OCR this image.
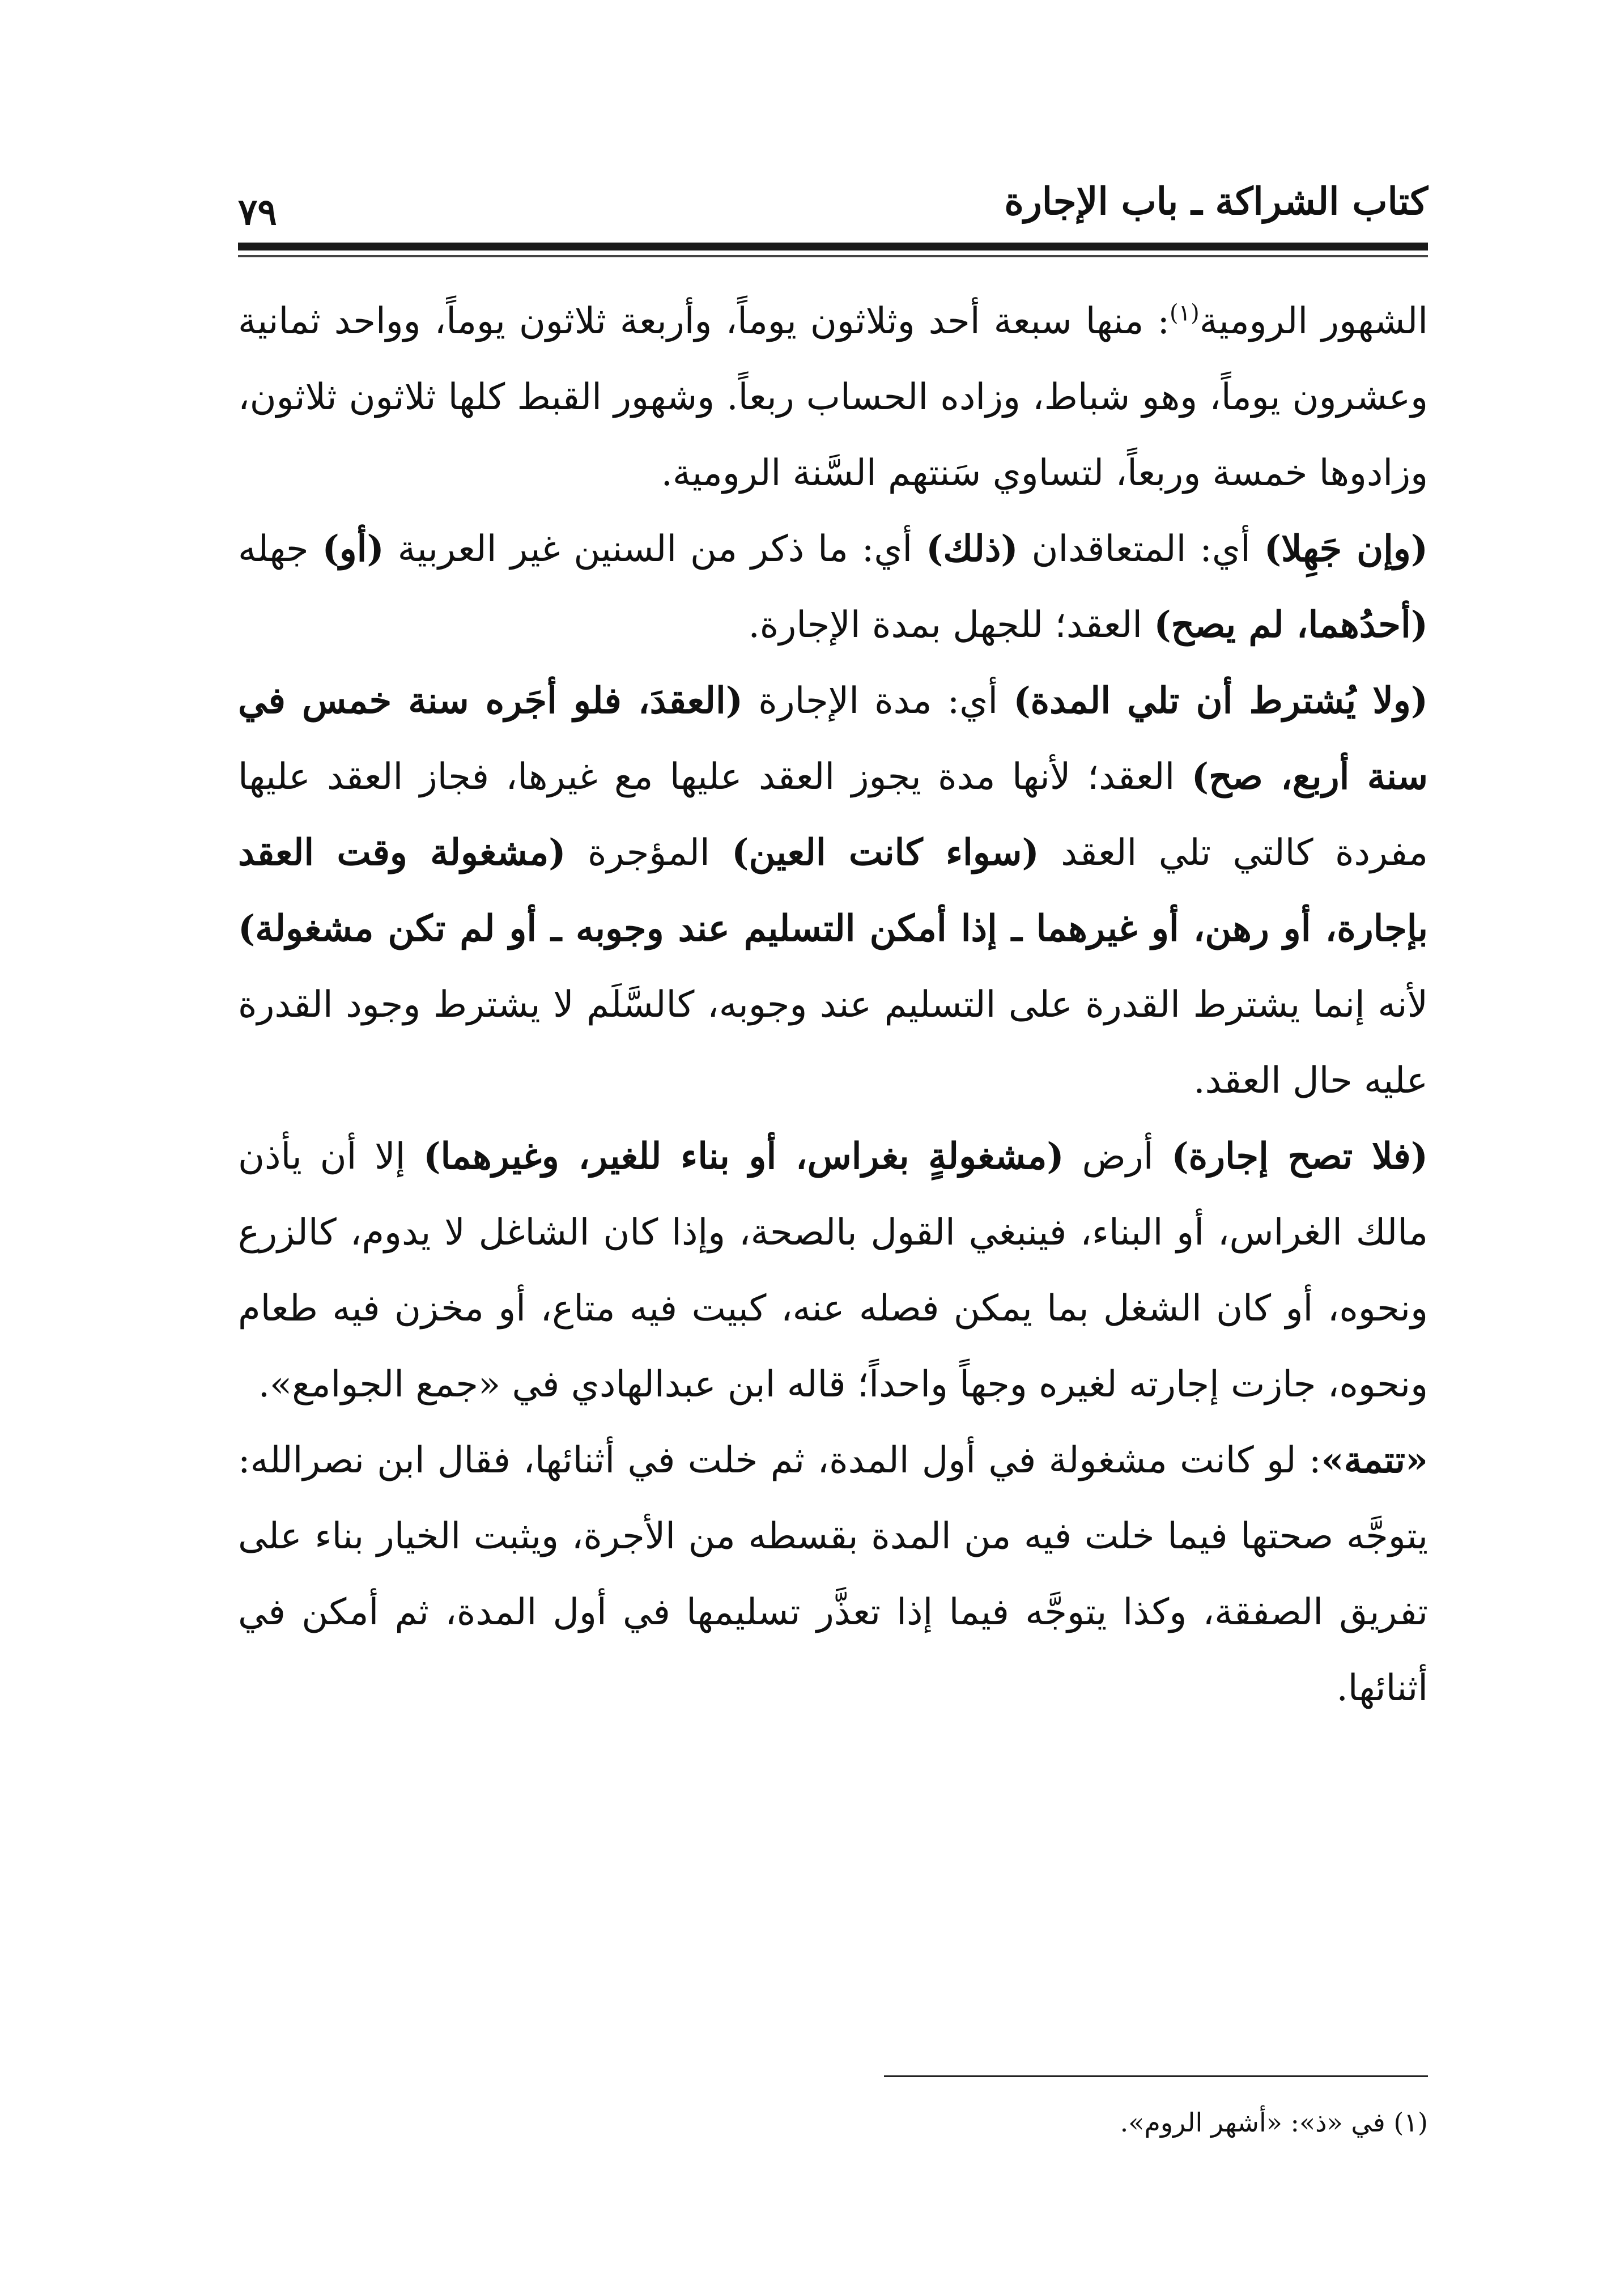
كتاب الشراكة ـ باب الإجارة
٧٩

الشهور الرومية$^{(١)}$: منها سبعة أحد وثلاثون يوماً، وأربعة ثلاثون يوماً، وواحد ثمانية وعشرون يوماً، وهو شباط، وزاده الحساب ربعاً. وشهور القبط كلها ثلاثون ثلاثون، وزادوها خمسة وربعاً، لتساوي سَنتهم السَّنة الرومية.

(وإن جَهِلا) أي: المتعاقدان (ذلك) أي: ما ذكر من السنين غير العربية (أو) جهله (أحدُهما، لم يصح) العقد؛ للجهل بمدة الإجارة.

(ولا يُشترط أن تلي المدة) أي: مدة الإجارة (العقدَ، فلو أجَره سنة خمس في سنة أربع، صح) العقد؛ لأنها مدة يجوز العقد عليها مع غيرها، فجاز العقد عليها مفردة كالتي تلي العقد (سواء كانت العين) المؤجرة (مشغولة وقت العقد بإجارة، أو رهن، أو غيرهما ـ إذا أمكن التسليم عند وجوبه ـ أو لم تكن مشغولة) لأنه إنما يشترط القدرة على التسليم عند وجوبه، كالسَّلَم لا يشترط وجود القدرة عليه حال العقد.

(فلا تصح إجارة) أرض (مشغولةٍ بغراس، أو بناء للغير، وغيرهما) إلا أن يأذن مالك الغراس، أو البناء، فينبغي القول بالصحة، وإذا كان الشاغل لا يدوم، كالزرع ونحوه، أو كان الشغل بما يمكن فصله عنه، كبيت فيه متاع، أو مخزن فيه طعام ونحوه، جازت إجارته لغيره وجهاً واحداً؛ قاله ابن عبدالهادي في «جمع الجوامع».

«تتمة»: لو كانت مشغولة في أول المدة، ثم خلت في أثنائها، فقال ابن نصرالله: يتوجَّه صحتها فيما خلت فيه من المدة بقسطه من الأجرة، ويثبت الخيار بناء على تفريق الصفقة، وكذا يتوجَّه فيما إذا تعذَّر تسليمها في أول المدة، ثم أمكن في أثنائها.

(١) في «ذ»: «أشهر الروم».
